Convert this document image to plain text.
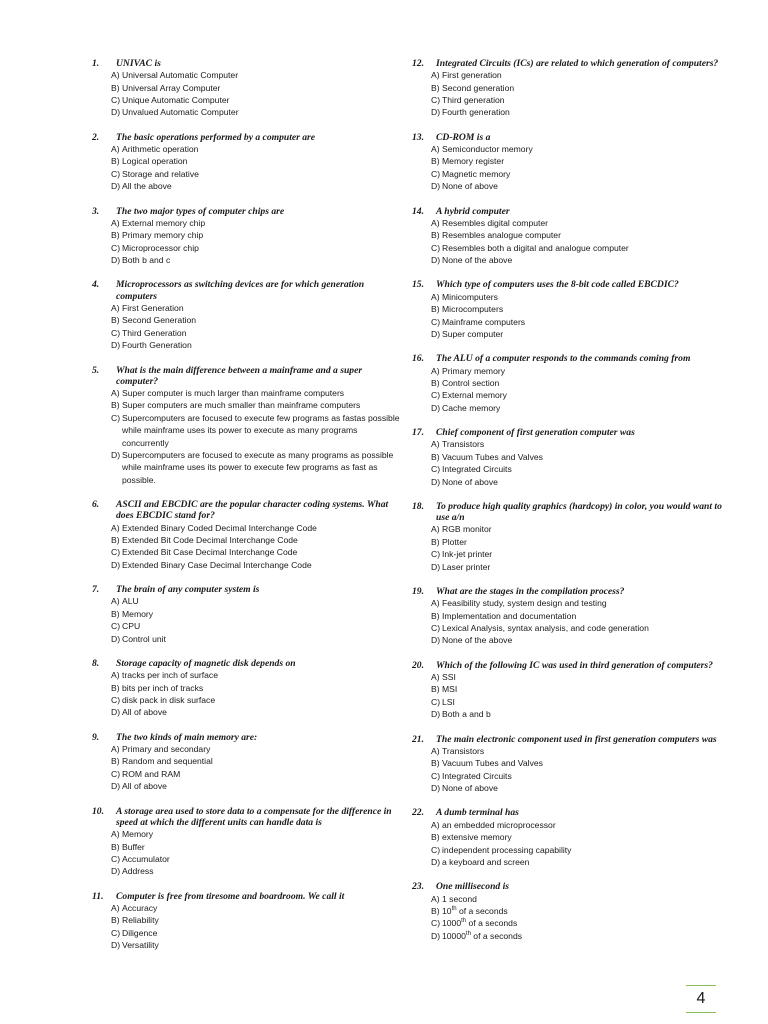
1.	UNIVAC is
A) Universal Automatic Computer
B) Universal Array Computer
C) Unique Automatic Computer
D) Unvalued Automatic Computer
2.	The basic operations performed by a computer are
A) Arithmetic operation
B) Logical operation
C) Storage and relative
D) All the above
3.	The two major types of computer chips are
A) External memory chip
B) Primary memory chip
C) Microprocessor chip
D) Both b and c
4.	Microprocessors as switching devices are for which generation computers
A) First Generation
B) Second Generation
C) Third Generation
D) Fourth Generation
5.	What is the main difference between a mainframe and a super computer?
A) Super computer is much larger than mainframe computers
B) Super computers are much smaller than mainframe computers
C) Supercomputers are focused to execute few programs as fastas possible while mainframe uses its power to execute as many programs concurrently
D) Supercomputers are focused to execute as many programs as possible while mainframe uses its power to execute few programs as fast as possible.
6.	ASCII and EBCDIC are the popular character coding systems. What does EBCDIC stand for?
A) Extended Binary Coded Decimal Interchange Code
B) Extended Bit Code Decimal Interchange Code
C) Extended Bit Case Decimal Interchange Code
D) Extended Binary Case Decimal Interchange Code
7.	The brain of any computer system is
A) ALU
B) Memory
C) CPU
D) Control unit
8.	Storage capacity of magnetic disk depends on
A) tracks per inch of surface
B) bits per inch of tracks
C) disk pack in disk surface
D) All of above
9.	The two kinds of main memory are:
A) Primary and secondary
B) Random and sequential
C) ROM and RAM
D) All of above
10.	A storage area used to store data to a compensate for the difference in speed at which the different units can handle data is
A) Memory
B) Buffer
C) Accumulator
D) Address
11.	Computer is free from tiresome and boardroom. We call it
A) Accuracy
B) Reliability
C) Diligence
D) Versatility
12.	Integrated Circuits (ICs) are related to which generation of computers?
A) First generation
B) Second generation
C) Third generation
D) Fourth generation
13.	CD-ROM is a
A) Semiconductor memory
B) Memory register
C) Magnetic memory
D) None of above
14.	A hybrid computer
A) Resembles digital computer
B) Resembles analogue computer
C) Resembles both a digital and analogue computer
D) None of the above
15.	Which type of computers uses the 8-bit code called EBCDIC?
A) Minicomputers
B) Microcomputers
C) Mainframe computers
D) Super computer
16.	The ALU of a computer responds to the commands coming from
A) Primary memory
B) Control section
C) External memory
D) Cache memory
17.	Chief component of first generation computer was
A) Transistors
B) Vacuum Tubes and Valves
C) Integrated Circuits
D) None of above
18.	To produce high quality graphics (hardcopy) in color, you would want to use a/n
A) RGB monitor
B) Plotter
C) Ink-jet printer
D) Laser printer
19.	What are the stages in the compilation process?
A) Feasibility study, system design and testing
B) Implementation and documentation
C) Lexical Analysis, syntax analysis, and code generation
D) None of the above
20.	Which of the following IC was used in third generation of computers?
A) SSI
B) MSI
C) LSI
D) Both a and b
21.	The main electronic component used in first generation computers was
A) Transistors
B) Vacuum Tubes and Valves
C) Integrated Circuits
D) None of above
22.	A dumb terminal has
A) an embedded microprocessor
B) extensive memory
C) independent processing capability
D) a keyboard and screen
23.	One millisecond is
A) 1 second
B) 10th of a seconds
C) 1000th of a seconds
D) 10000th of a seconds
4
